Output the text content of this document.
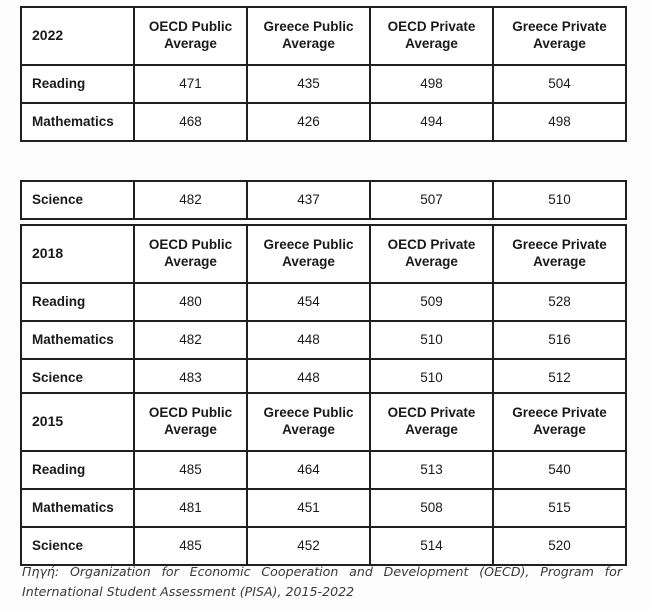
2022	OECD Public Average	Greece Public Average	OECD Private Average	Greece Private Average
Reading	471	435	498	504
Mathematics	468	426	494	498
Science	482	437	507	510
2018	OECD Public Average	Greece Public Average	OECD Private Average	Greece Private Average
Reading	480	454	509	528
Mathematics	482	448	510	516
Science	483	448	510	512
2015	OECD Public Average	Greece Public Average	OECD Private Average	Greece Private Average
Reading	485	464	513	540
Mathematics	481	451	508	515
Science	485	452	514	520
Πηγή: Organization for Economic Cooperation and Development (OECD), Program for International Student Assessment (PISA), 2015-2022
